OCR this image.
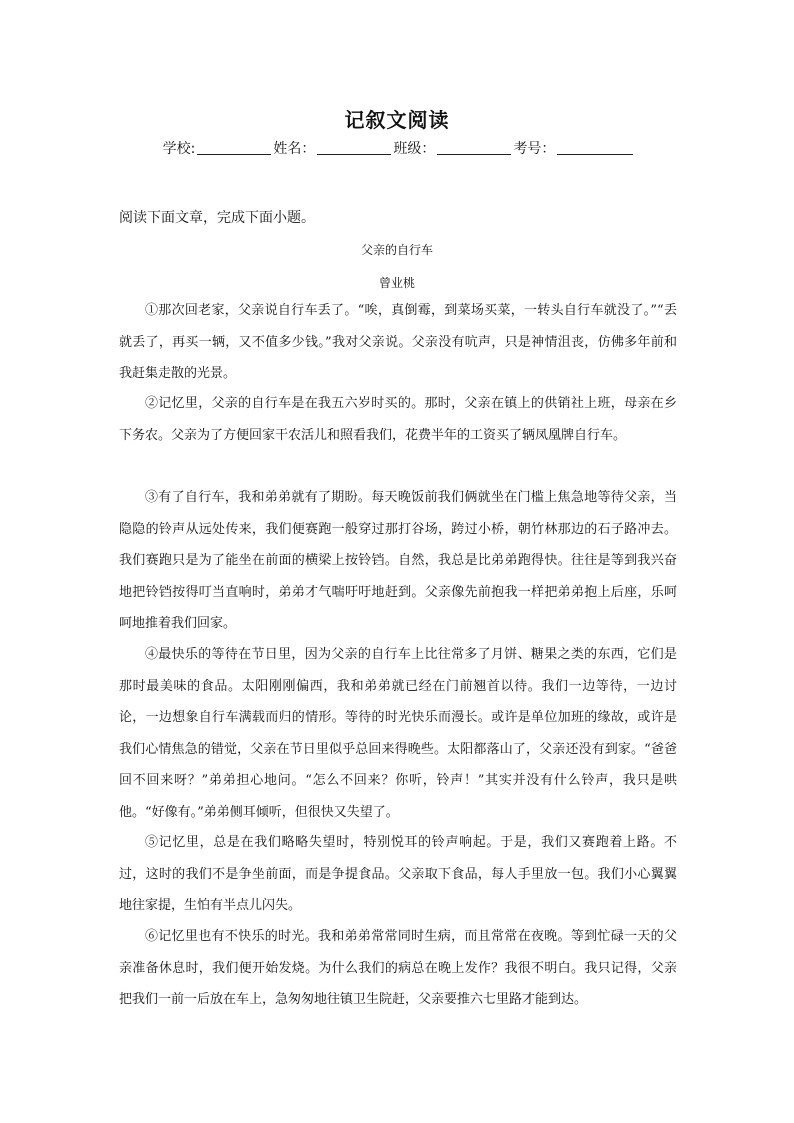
记叙文阅读
学校:	姓名：	班级：	考号：
阅读下面文章，完成下面小题。
父亲的自行车
曾业桃
①那次回老家，父亲说自行车丢了。“唉，真倒霉，到菜场买菜，一转头自行车就没了。”“丢就丢了，再买一辆，又不值多少钱。”我对父亲说。父亲没有吭声，只是神情沮丧，仿佛多年前和我赶集走散的光景。
②记忆里，父亲的自行车是在我五六岁时买的。那时，父亲在镇上的供销社上班，母亲在乡下务农。父亲为了方便回家干农活儿和照看我们，花费半年的工资买了辆凤凰牌自行车。
③有了自行车，我和弟弟就有了期盼。每天晚饭前我们俩就坐在门槛上焦急地等待父亲，当隐隐的铃声从远处传来，我们便赛跑一般穿过那打谷场，跨过小桥，朝竹林那边的石子路冲去。我们赛跑只是为了能坐在前面的横梁上按铃铛。自然，我总是比弟弟跑得快。往往是等到我兴奋地把铃铛按得叮当直响时，弟弟才气喘吁吁地赶到。父亲像先前抱我一样把弟弟抱上后座，乐呵呵地推着我们回家。
④最快乐的等待在节日里，因为父亲的自行车上比往常多了月饼、糖果之类的东西，它们是那时最美味的食品。太阳刚刚偏西，我和弟弟就已经在门前翘首以待。我们一边等待，一边讨论，一边想象自行车满载而归的情形。等待的时光快乐而漫长。或许是单位加班的缘故，或许是我们心情焦急的错觉，父亲在节日里似乎总回来得晚些。太阳都落山了，父亲还没有到家。“爸爸回不回来呀？”弟弟担心地问。“怎么不回来？你听，铃声！”其实并没有什么铃声，我只是哄他。“好像有。”弟弟侧耳倾听，但很快又失望了。
⑤记忆里，总是在我们略略失望时，特别悦耳的铃声响起。于是，我们又赛跑着上路。不过，这时的我们不是争坐前面，而是争提食品。父亲取下食品，每人手里放一包。我们小心翼翼地往家提，生怕有半点儿闪失。
⑥记忆里也有不快乐的时光。我和弟弟常常同时生病，而且常常在夜晚。等到忙碌一天的父亲准备休息时，我们便开始发烧。为什么我们的病总在晚上发作？我很不明白。我只记得，父亲把我们一前一后放在车上，急匆匆地往镇卫生院赶，父亲要推六七里路才能到达。
